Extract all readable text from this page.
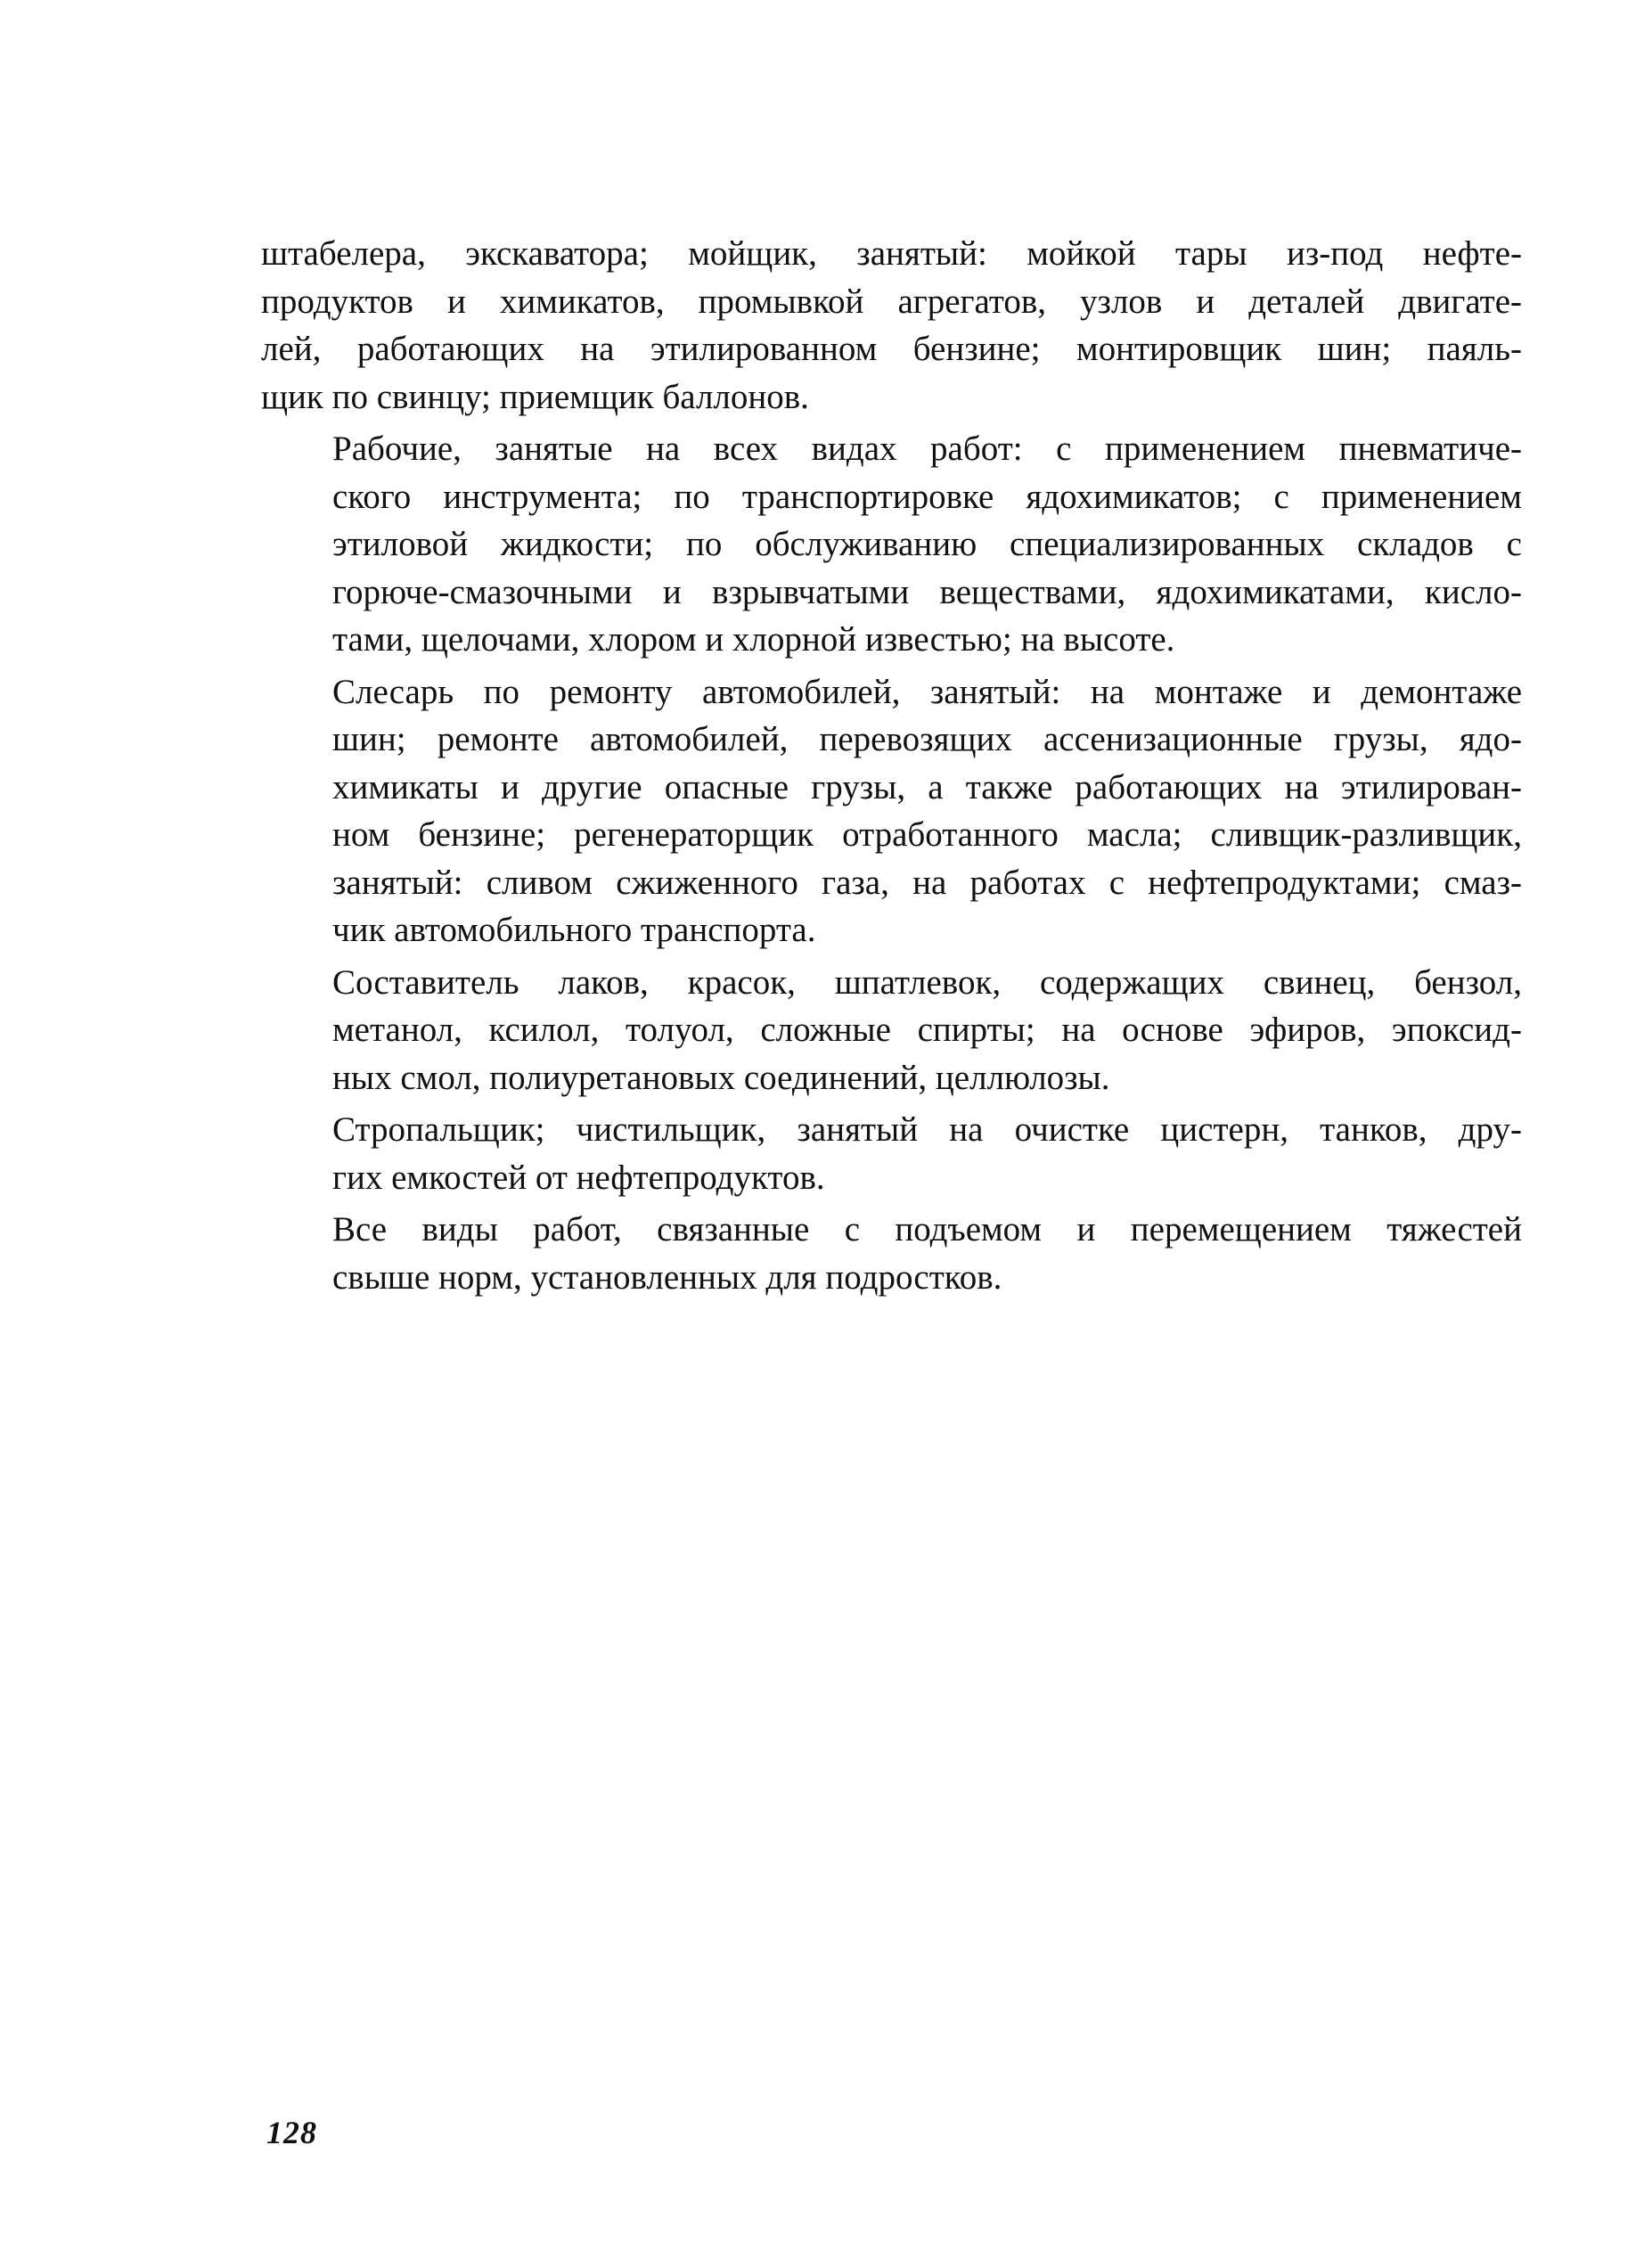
штабелера, экскаватора; мойщик, занятый: мойкой тары из-под нефте-
продуктов и химикатов, промывкой агрегатов, узлов и деталей двигате-
лей, работающих на этилированном бензине; монтировщик шин; паяль-
щик по свинцу; приемщик баллонов.

Рабочие, занятые на всех видах работ: с применением пневматиче-
ского инструмента; по транспортировке ядохимикатов; с применением
этиловой жидкости; по обслуживанию специализированных складов с
горюче-смазочными и взрывчатыми веществами, ядохимикатами, кисло-
тами, щелочами, хлором и хлорной известью; на высоте.

Слесарь по ремонту автомобилей, занятый: на монтаже и демонтаже
шин; ремонте автомобилей, перевозящих ассенизационные грузы, ядо-
химикаты и другие опасные грузы, а также работающих на этилирован-
ном бензине; регенераторщик отработанного масла; сливщик-разливщик,
занятый: сливом сжиженного газа, на работах с нефтепродуктами; смаз-
чик автомобильного транспорта.

Составитель лаков, красок, шпатлевок, содержащих свинец, бензол,
метанол, ксилол, толуол, сложные спирты; на основе эфиров, эпоксид-
ных смол, полиуретановых соединений, целлюлозы.

Стропальщик; чистильщик, занятый на очистке цистерн, танков, дру-
гих емкостей от нефтепродуктов.

Все виды работ, связанные с подъемом и перемещением тяжестей
свыше норм, установленных для подростков.

128
